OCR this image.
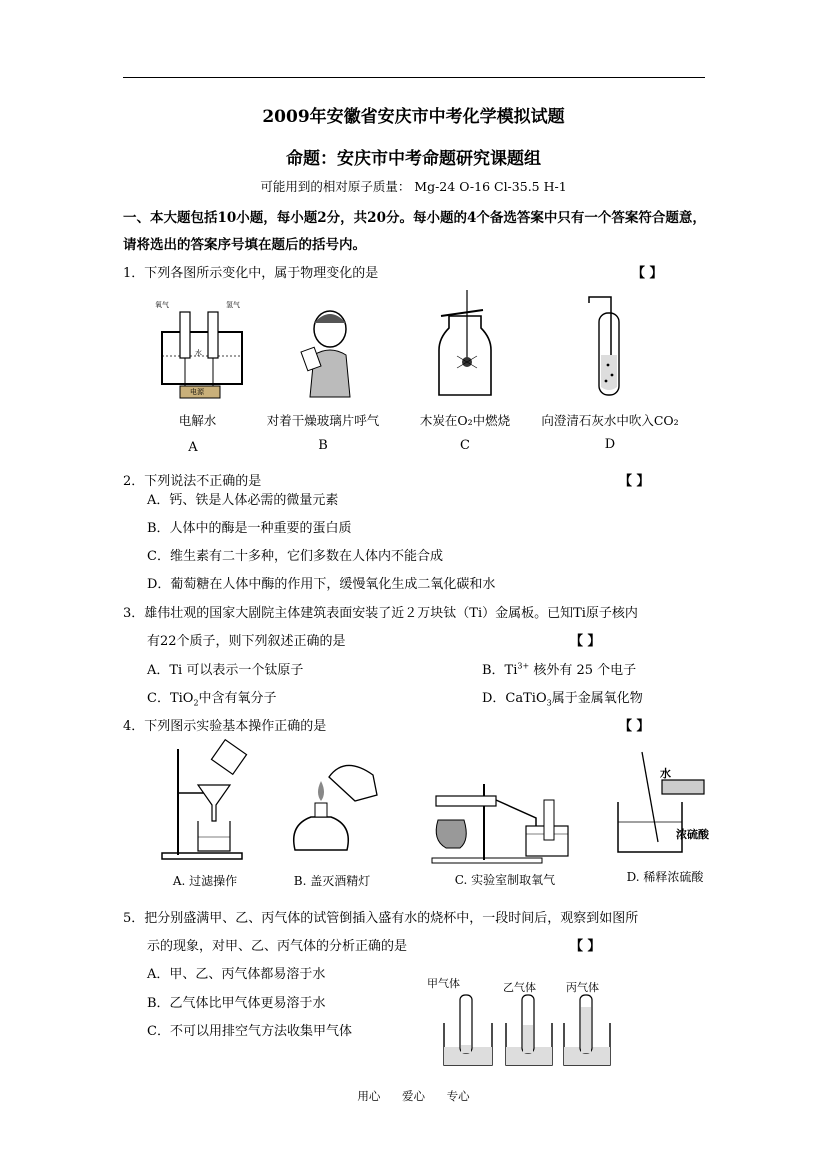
2009年安徽省安庆市中考化学模拟试题
命题：安庆市中考命题研究课题组
可能用到的相对原子质量： Mg-24 O-16 Cl-35.5 H-1
一、本大题包括10小题，每小题2分，共20分。每小题的4个备选答案中只有一个答案符合题意，请将选出的答案序号填在题后的括号内。
1．下列各图所示变化中，属于物理变化的是	【 】
氧气	氢气
水
电源
电解水	对着干燥玻璃片呼气	木炭在O₂中燃烧	向澄清石灰水中吹入CO₂
A	B	C	D
2．下列说法不正确的是	【 】
A．钙、铁是人体必需的微量元素
B．人体中的酶是一种重要的蛋白质
C．维生素有二十多种，它们多数在人体内不能合成
D．葡萄糖在人体中酶的作用下，缓慢氧化生成二氧化碳和水
3．雄伟壮观的国家大剧院主体建筑表面安装了近２万块钛（Ti）金属板。已知Ti原子核内
有22个质子，则下列叙述正确的是	【 】
A．Ti 可以表示一个钛原子	B．$Ti^{3+}$ 核外有 25 个电子
C．TiO$_2$中含有氧分子	D．CaTiO$_3$属于金属氧化物
4．下列图示实验基本操作正确的是	【 】
水
浓硫酸
A. 过滤操作	B. 盖灭酒精灯	C. 实验室制取氧气	D. 稀释浓硫酸
5．把分别盛满甲、乙、丙气体的试管倒插入盛有水的烧杯中，一段时间后，观察到如图所
示的现象，对甲、乙、丙气体的分析正确的是	【 】
A．甲、乙、丙气体都易溶于水
B．乙气体比甲气体更易溶于水
C．不可以用排空气方法收集甲气体
甲气体	乙气体	丙气体
用心 爱心 专心
